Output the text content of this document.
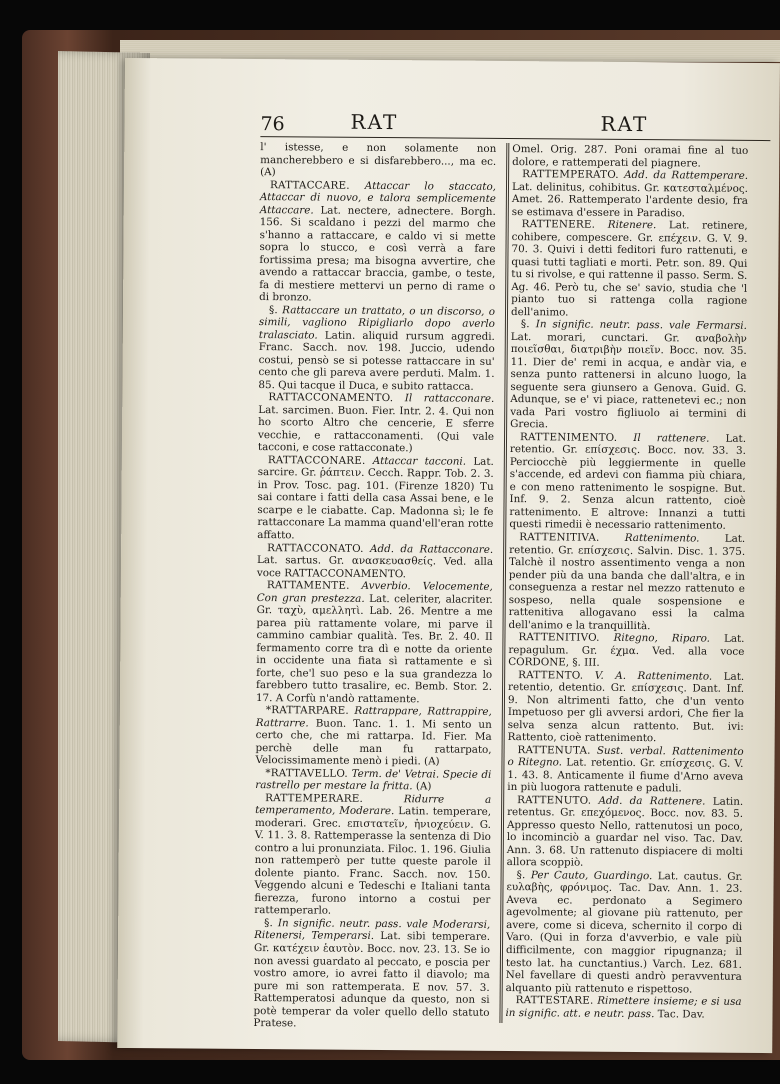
76	RAT	RAT

l' istesse, e non solamente non mancherebbero e si disfarebbero..., ma ec. (A)

RATTACCARE. Attaccar lo staccato, Attaccar di nuovo, e talora semplicemente Attaccare. Lat. nectere, adnectere. Borgh. 156. Si scaldano i pezzi del marmo che s'hanno a rattaccare, e caldo vi si mette sopra lo stucco, e così verrà a fare fortissima presa; ma bisogna avvertire, che avendo a rattaccar braccia, gambe, o teste, fa di mestiere mettervi un perno di rame o di bronzo.

§. Rattaccare un trattato, o un discorso, o simili, vagliono Ripigliarlo dopo averlo tralasciato. Latin. aliquid rursum aggredi. Franc. Sacch. nov. 198. Juccio, udendo costui, pensò se si potesse rattaccare in su' cento che gli pareva avere perduti. Malm. 1. 85. Qui tacque il Duca, e subito rattacca.

RATTACCONAMENTO. Il rattacconare. Lat. sarcimen. Buon. Fier. Intr. 2. 4. Qui non ho scorto Altro che cencerie, E sferre vecchie, e rattacconamenti. (Qui vale tacconi, e cose rattacconate.)

RATTACCONARE. Attaccar tacconi. Lat. sarcire. Gr. ῥάπτειν. Cecch. Rappr. Tob. 2. 3. in Prov. Tosc. pag. 101. (Firenze 1820) Tu sai contare i fatti della casa Assai bene, e le scarpe e le ciabatte. Cap. Madonna sì; le fe rattacconare La mamma quand'ell'eran rotte affatto.

RATTACCONATO. Add. da Rattacconare. Lat. sartus. Gr. ανασκευασθείς. Ved. alla voce RATTACCONAMENTO.

RATTAMENTE. Avverbio. Velocemente, Con gran prestezza. Lat. celeriter, alacriter. Gr. ταχὺ, αμελλητὶ. Lab. 26. Mentre a me parea più rattamente volare, mi parve il cammino cambiar qualità. Tes. Br. 2. 40. Il fermamento corre tra dì e notte da oriente in occidente una fiata sì rattamente e sì forte, che'l suo peso e la sua grandezza lo farebbero tutto trasalire, ec. Bemb. Stor. 2. 17. A Corfù n'andò rattamente.

*RATTARPARE. Rattrappare, Rattrappire, Rattrarre. Buon. Tanc. 1. 1. Mi sento un certo che, che mi rattarpa. Id. Fier. Ma perchè delle man fu rattarpato, Velocissimamente menò i piedi. (A)

*RATTAVELLO. Term. de' Vetrai. Specie di rastrello per mestare la fritta. (A)

RATTEMPERARE.	Ridurre a temperamento, Moderare. Latin. temperare, moderari. Grec. επιστατεῖν, ἡνιοχεύειν. G. V. 11. 3. 8. Rattemperasse la sentenza di Dio contro a lui pronunziata. Filoc. 1. 196. Giulia non rattemperò per tutte queste parole il dolente pianto. Franc. Sacch. nov. 150. Veggendo alcuni e Tedeschi e Italiani tanta fierezza, furono intorno a costui per rattemperarlo.

§. In signific. neutr. pass. vale Moderarsi, Ritenersi, Temperarsi. Lat. sibi temperare. Gr. κατέχειν ἑαυτὸν. Bocc. nov. 23. 13. Se io non avessi guardato al peccato, e poscia per vostro amore, io avrei fatto il diavolo; ma pure mi son rattemperata. E nov. 57. 3. Rattemperatosi adunque da questo, non si potè temperar da voler quello dello statuto Pratese.

Omel. Orig. 287. Poni oramai fine al tuo dolore, e rattemperati del piagnere.

RATTEMPERATO. Add. da Rattemperare. Lat. delinitus, cohibitus. Gr. κατεσταλμένος. Amet. 26. Rattemperato l'ardente desio, fra se estimava d'essere in Paradiso.

RATTENERE. Ritenere. Lat. retinere, cohibere, compescere. Gr. επέχειν. G. V. 9. 70. 3. Quivi i detti feditori furo rattenuti, e quasi tutti tagliati e morti. Petr. son. 89. Qui tu si rivolse, e qui rattenne il passo. Serm. S. Ag. 46. Però tu, che se' savio, studia che 'l pianto tuo si rattenga colla ragione dell'animo.

§. In signific. neutr. pass. vale Fermarsi. Lat. morari, cunctari. Gr. αναβολὴν ποιεῖσθαι, διατριβὴν ποιεῖν. Bocc. nov. 35. 11. Dier de' remi in acqua, e andàr via, e senza punto rattenersi in alcuno luogo, la seguente sera giunsero a Genova. Guid. G. Adunque, se e' vi piace, rattenetevi ec.; non vada Pari vostro figliuolo ai termini di Grecia.

RATTENIMENTO. Il rattenere. Lat. retentio. Gr. επίσχεσις. Bocc. nov. 33. 3. Perciocchè più leggiermente in quelle s'accende, ed ardevi con fiamma più chiara, e con meno rattenimento le sospigne. But. Inf. 9. 2. Senza alcun rattento, cioè rattenimento. E altrove: Innanzi a tutti questi rimedii è necessario rattenimento.

RATTENITIVA. Rattenimento. Lat. retentio. Gr. επίσχεσις. Salvin. Disc. 1. 375. Talchè il nostro assentimento venga a non pender più da una banda che dall'altra, e in conseguenza a restar nel mezzo rattenuto e sospeso, nella quale sospensione e rattenitiva allogavano essi la calma dell'animo e la tranquillità.

RATTENITIVO. Ritegno, Riparo. Lat. repagulum. Gr. έχμα. Ved. alla voce CORDONE, §. III.

RATTENTO. V. A. Rattenimento. Lat. retentio, detentio. Gr. επίσχεσις. Dant. Inf. 9. Non altrimenti fatto, che d'un vento Impetuoso per gli avversi ardori, Che fier la selva senza alcun rattento. But. ivi: Rattento, cioè rattenimento.

RATTENUTA. Sust. verbal. Rattenimento o Ritegno. Lat. retentio. Gr. επίσχεσις. G. V. 1. 43. 8. Anticamente il fiume d'Arno aveva in più luogora rattenute e paduli.

RATTENUTO. Add. da Rattenere. Latin. retentus. Gr. επεχόμενος. Bocc. nov. 83. 5. Appresso questo Nello, rattenutosi un poco, lo incominciò a guardar nel viso. Tac. Dav. Ann. 3. 68. Un rattenuto dispiacere di molti allora scoppiò.

§. Per Cauto, Guardingo. Lat. cautus. Gr. ευλαβὴς, φρόνιμος. Tac. Dav. Ann. 1. 23. Aveva ec. perdonato a Segimero agevolmente; al giovane più rattenuto, per avere, come si diceva, schernito il corpo di Varo. (Qui in forza d'avverbio, e vale più difficilmente, con maggior ripugnanza; il testo lat. ha cunctantius.) Varch. Lez. 681. Nel favellare di questi andrò peravventura alquanto più rattenuto e rispettoso.

RATTESTARE. Rimettere insieme; e si usa in signific. att. e neutr. pass. Tac. Dav.
